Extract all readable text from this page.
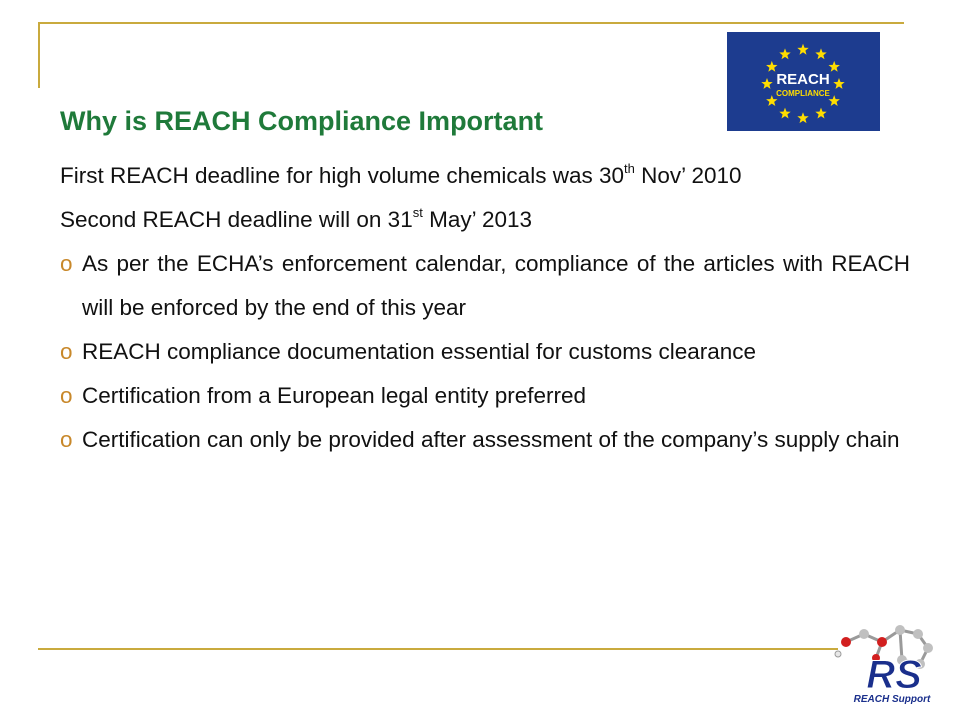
REACH
COMPLIANCE
Why is REACH Compliance Important

First REACH deadline for high volume chemicals was 30th Nov’ 2010

Second REACH deadline will on 31st May’ 2013

o As per the ECHA’s enforcement calendar, compliance of the articles with REACH will be enforced by the end of this year
o REACH compliance documentation essential for customs clearance
o Certification from a European legal entity preferred
o Certification can only be provided after assessment of the company’s supply chain
RS
REACH Support
